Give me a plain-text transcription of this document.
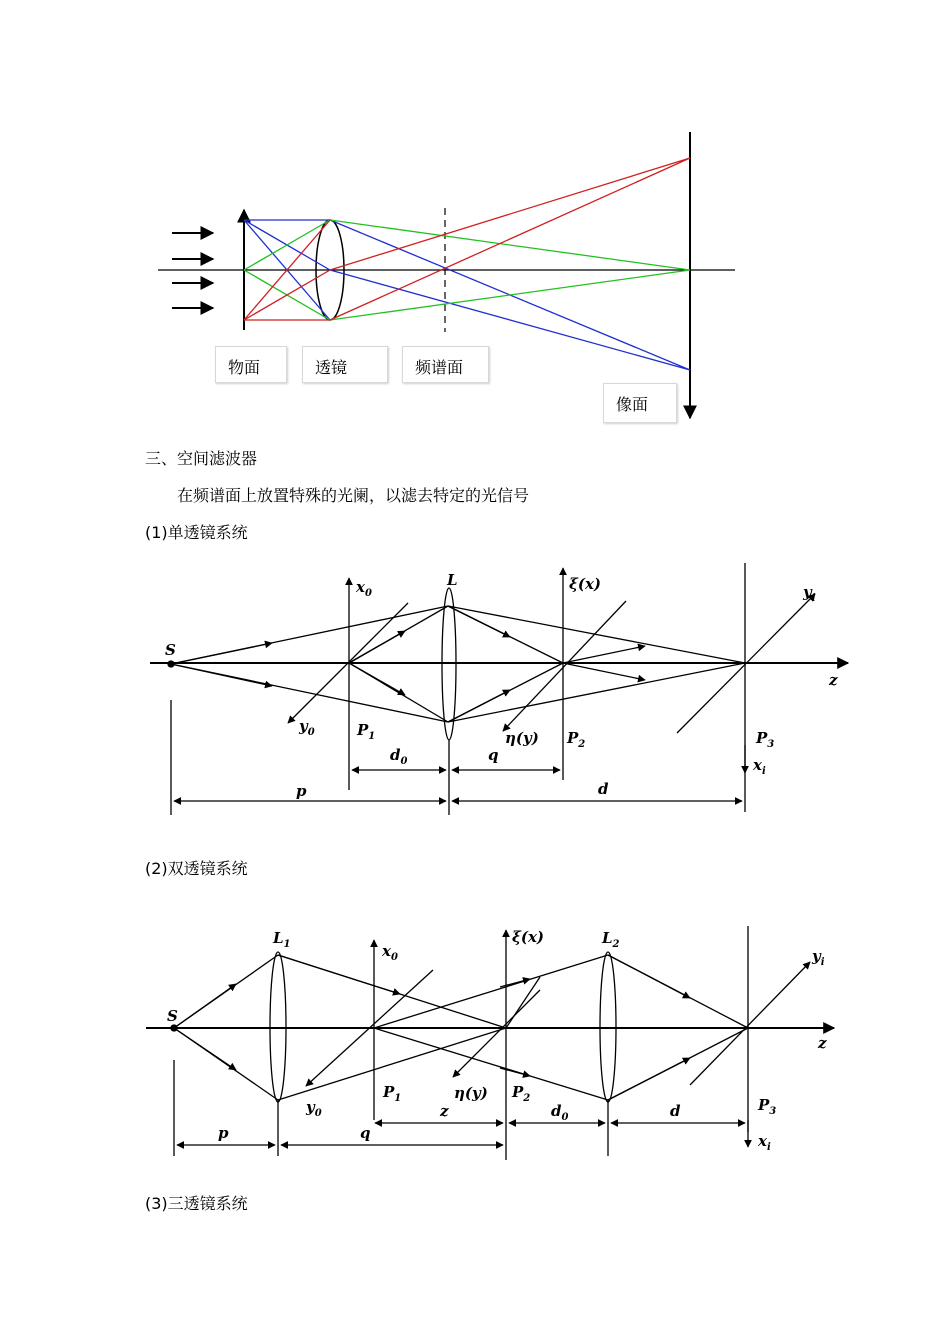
物面	透镜	频谱面
像面
三、空间滤波器
在频谱面上放置特殊的光阑，以滤去特定的光信号
(1)单透镜系统
S
$x_0$
L	ξ(x)	$y_i$
z
$y_0$	$P_1$	η(y) $P_2$	$P_3$
$x_i$
$d_0$	q
p	d
(2)双透镜系统
S
$L_1$	$x_0$
ξ(x)	$L_2$
$y_i$
z
$y_0$
$P_1$	η(y) $P_2$	$P_3$
z	$d_0$	d
p	q	$x_i$
(3)三透镜系统
